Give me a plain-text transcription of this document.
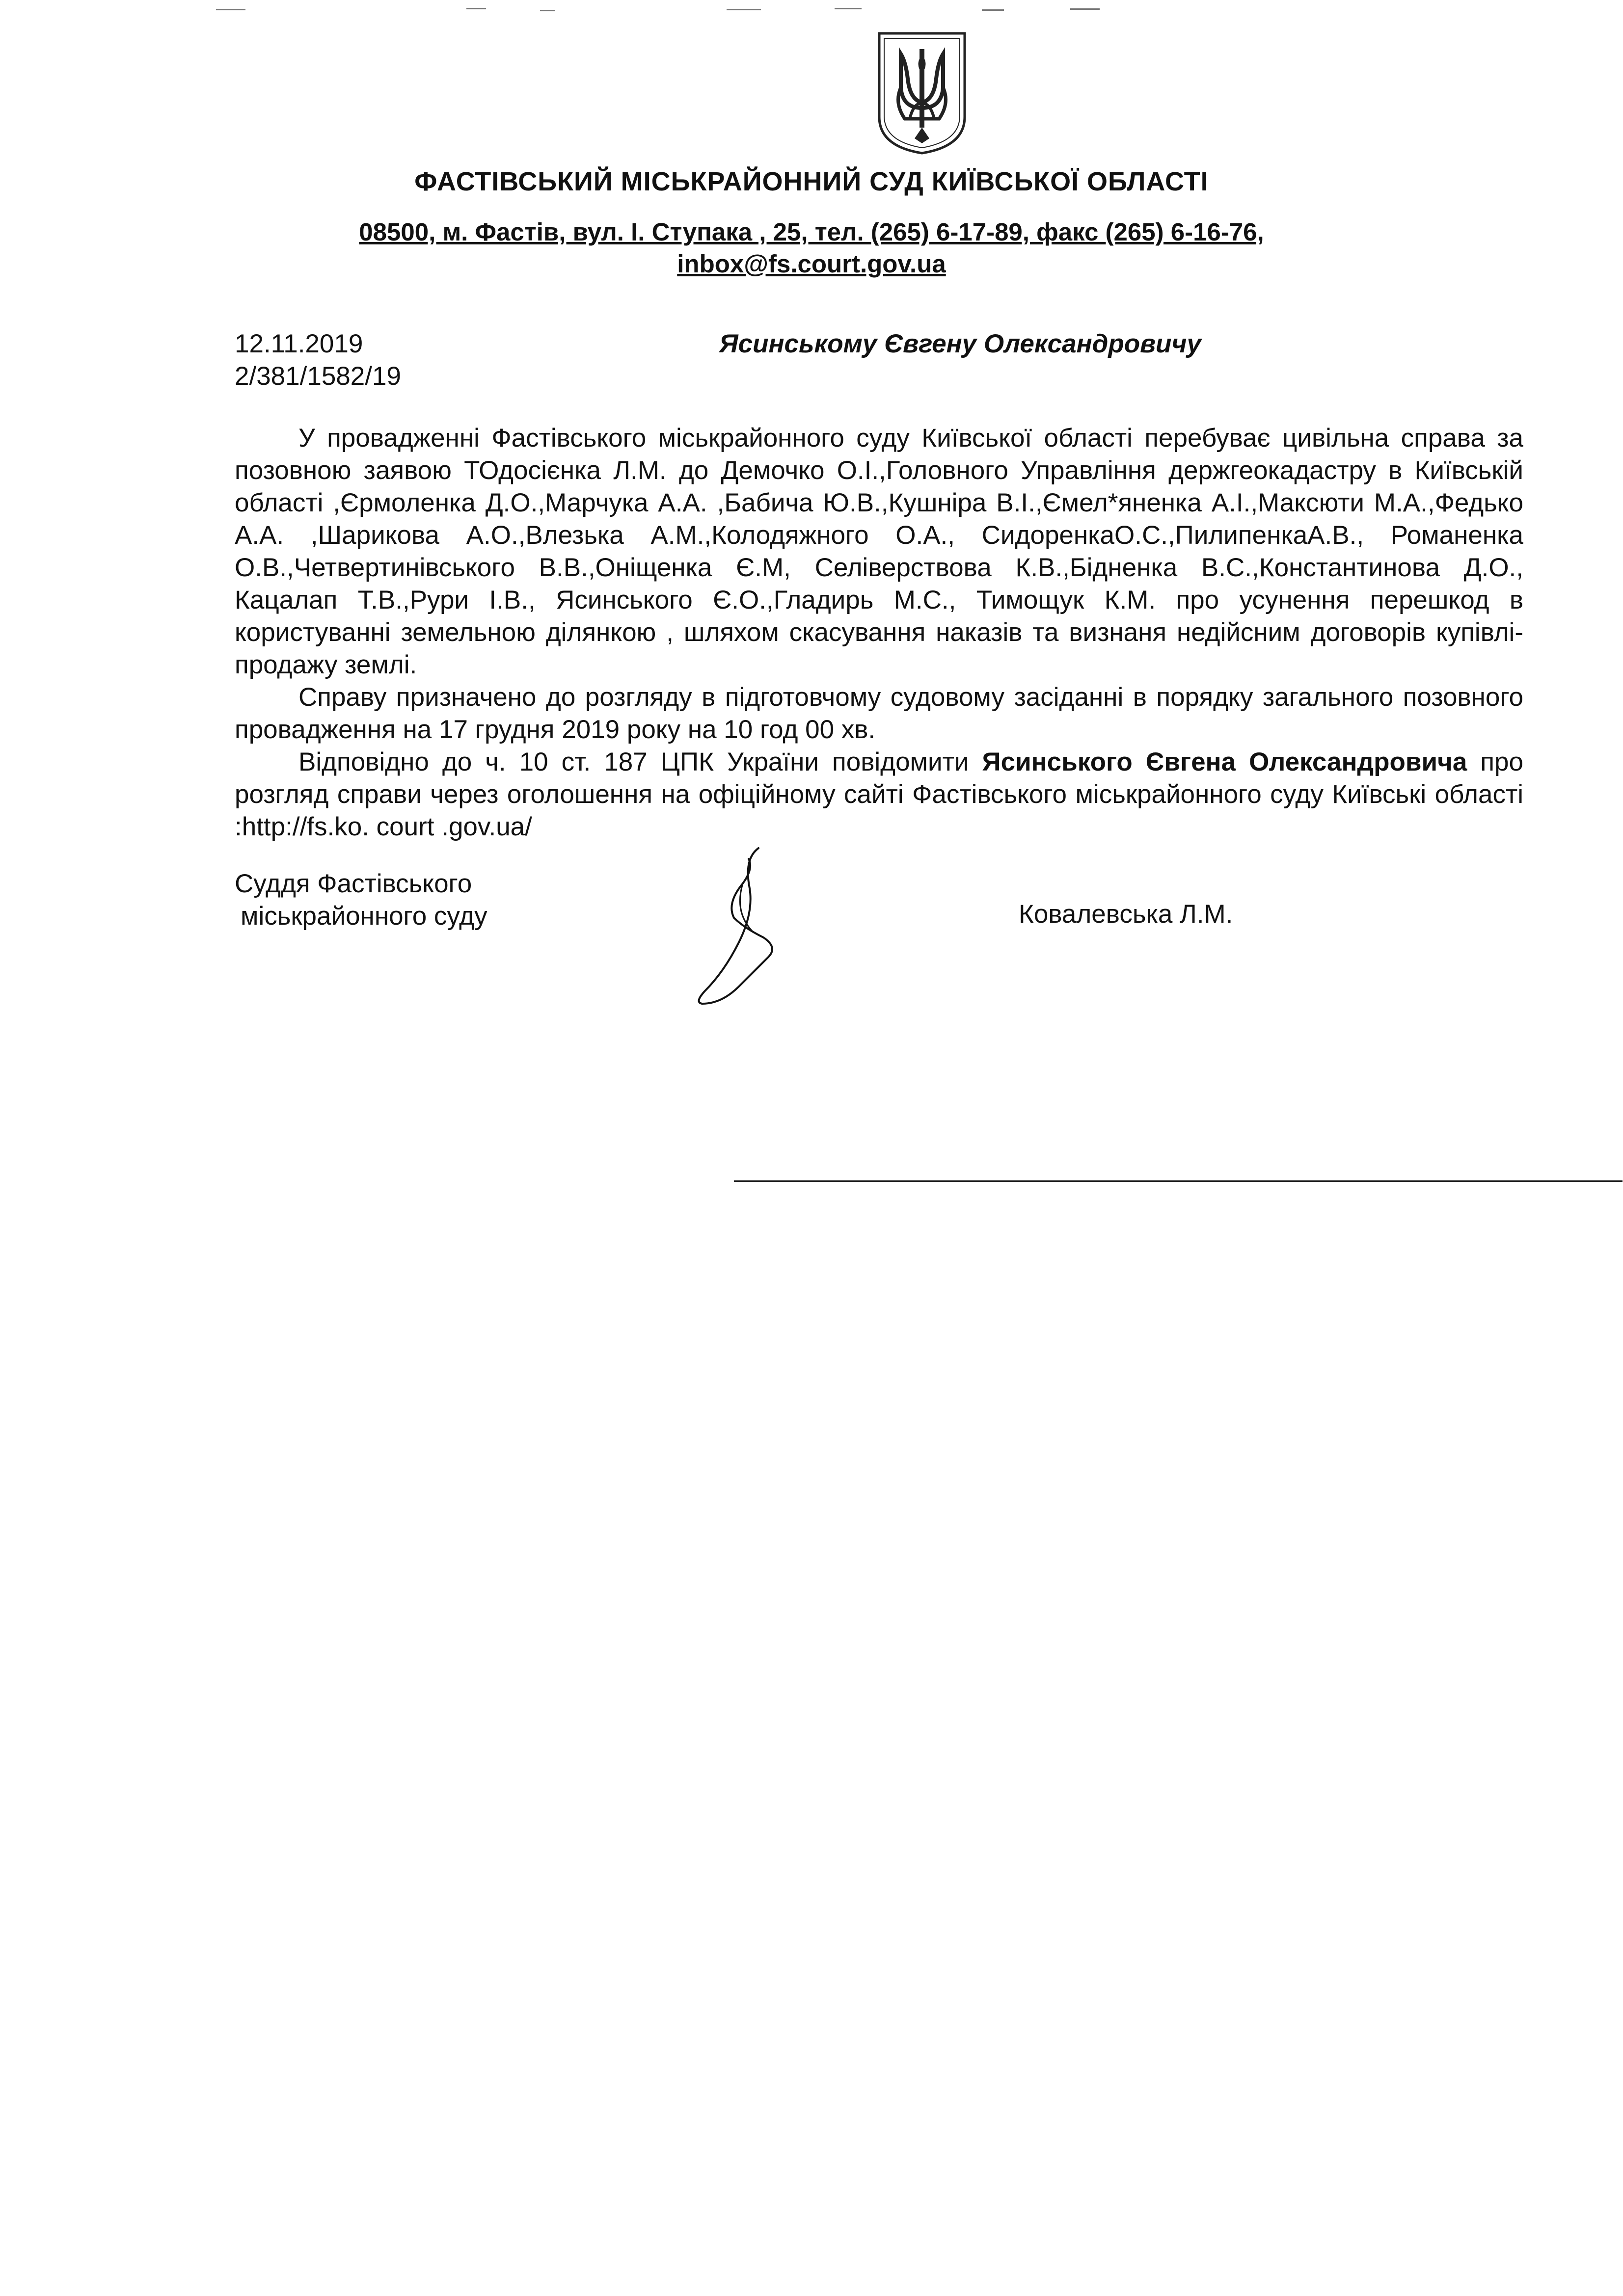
ФАСТІВСЬКИЙ МІСЬКРАЙОННИЙ СУД КИЇВСЬКОЇ ОБЛАСТІ
08500, м. Фастів, вул. І. Ступака , 25, тел. (265) 6-17-89, факс (265) 6-16-76,
inbox@fs.court.gov.ua
12.11.2019
2/381/1582/19
Ясинському Євгену Олександровичу

У провадженні Фастівського міськрайонного суду Київської області перебуває цивільна справа за позовною заявою ТОдосієнка Л.М. до Демочко О.І.,Головного Управління держгеокадастру в Київській області ,Єрмоленка Д.О.,Марчука А.А. ,Бабича Ю.В.,Кушніра В.І.,Ємел*яненка А.І.,Максюти М.А.,Федько А.А. ,Шарикова А.О.,Влезька А.М.,Колодяжного О.А., СидоренкаО.С.,ПилипенкаА.В., Романенка О.В.,Четвертинівського В.В.,Оніщенка Є.М, Селіверствова К.В.,Бідненка В.С.,Константинова Д.О., Кацалап Т.В.,Рури І.В., Ясинського Є.О.,Гладирь М.С., Тимощук К.М. про усунення перешкод в користуванні земельною ділянкою , шляхом скасування наказів та визнаня недійсним договорів купівлі- продажу землі.

Справу призначено до розгляду в підготовчому судовому засіданні в порядку загального позовного провадження на 17 грудня 2019 року на 10 год 00 хв.

Відповідно до ч. 10 ст. 187 ЦПК України повідомити Ясинського Євгена Олександровича про розгляд справи через оголошення на офіційному сайті Фастівського міськрайонного суду Київські області :http://fs.ko. court .gov.ua/

Суддя Фастівського
міськрайонного суду	Ковалевська Л.М.
